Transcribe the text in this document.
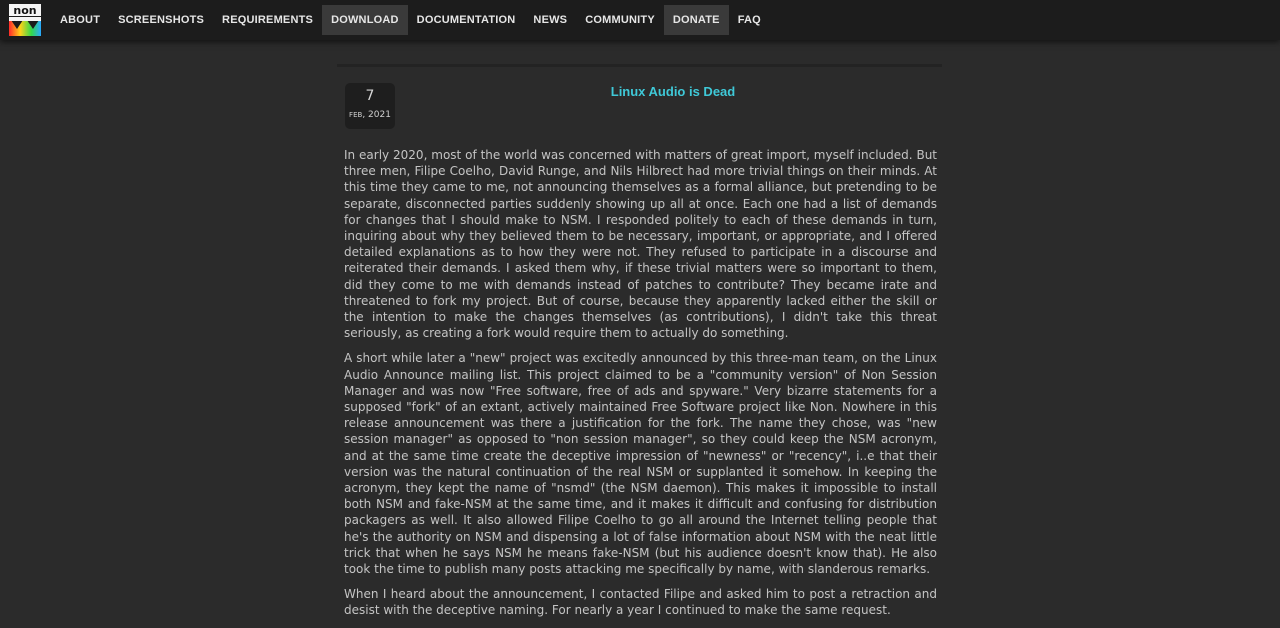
non
ABOUT	SCREENSHOTS	REQUIREMENTS	DOWNLOAD	DOCUMENTATION	NEWS	COMMUNITY	DONATE	FAQ
7
FEB, 2021
Linux Audio is Dead

In early 2020, most of the world was concerned with matters of great import, myself included. But three men, Filipe Coelho, David Runge, and Nils Hilbrect had more trivial things on their minds. At this time they came to me, not announcing themselves as a formal alliance, but pretending to be separate, disconnected parties suddenly showing up all at once. Each one had a list of demands for changes that I should make to NSM. I responded politely to each of these demands in turn, inquiring about why they believed them to be necessary, important, or appropriate, and I offered detailed explanations as to how they were not. They refused to participate in a discourse and reiterated their demands. I asked them why, if these trivial matters were so important to them, did they come to me with demands instead of patches to contribute? They became irate and threatened to fork my project. But of course, because they apparently lacked either the skill or the intention to make the changes themselves (as contributions), I didn't take this threat seriously, as creating a fork would require them to actually do something.

A short while later a "new" project was excitedly announced by this three-man team, on the Linux Audio Announce mailing list. This project claimed to be a "community version" of Non Session Manager and was now "Free software, free of ads and spyware." Very bizarre statements for a supposed "fork" of an extant, actively maintained Free Software project like Non. Nowhere in this release announcement was there a justification for the fork. The name they chose, was "new session manager" as opposed to "non session manager", so they could keep the NSM acronym, and at the same time create the deceptive impression of "newness" or "recency", i..e that their version was the natural continuation of the real NSM or supplanted it somehow. In keeping the acronym, they kept the name of "nsmd" (the NSM daemon). This makes it impossible to install both NSM and fake-NSM at the same time, and it makes it difficult and confusing for distribution packagers as well. It also allowed Filipe Coelho to go all around the Internet telling people that he's the authority on NSM and dispensing a lot of false information about NSM with the neat little trick that when he says NSM he means fake-NSM (but his audience doesn't know that). He also took the time to publish many posts attacking me specifically by name, with slanderous remarks.

When I heard about the announcement, I contacted Filipe and asked him to post a retraction and desist with the deceptive naming. For nearly a year I continued to make the same request.
